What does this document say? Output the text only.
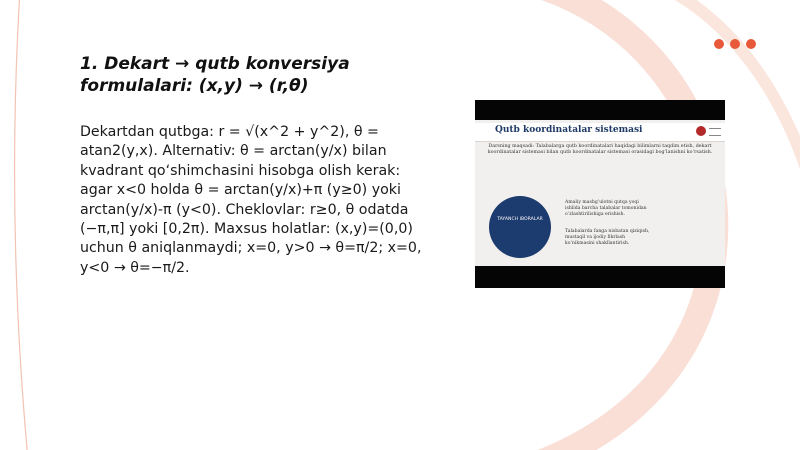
1. Dekart → qutb konversiya formulalari: (x,y) → (r,θ)

Dekartdan qutbga: r = √(x^2 + y^2), θ = atan2(y,x). Alternativ: θ = arctan(y/x) bilan kvadrant qo‘shimchasini hisobga olish kerak: agar x<0 holda θ = arctan(y/x)+π (y≥0) yoki arctan(y/x)-π (y<0). Cheklovlar: r≥0, θ odatda (−π,π] yoki [0,2π). Maxsus holatlar: (x,y)=(0,0) uchun θ aniqlanmaydi; x=0, y>0 → θ=π/2; x=0, y<0 → θ=−π/2.

Qutb koordinatalar sistemasi

Darsning maqsadi: Talabalarga qutb koordinatalari haqidagi bilimlarni taqdim etish, dekart koordinatalar sistemasi bilan qutb koordinatalar sistemasi orasidagi bog‘lanishni ko‘rsatish.

TAYANCH IBORALAR

Amaliy mashg‘ulotni qutqa yoqi ishlida barcha talabalar tomonidan o‘zlashtirilishiga erishish.

Talabalarda fanga nisbatan qiziqish, mustaqil va ijodiy fikrlash ko‘nikmasini shakllantirish.
